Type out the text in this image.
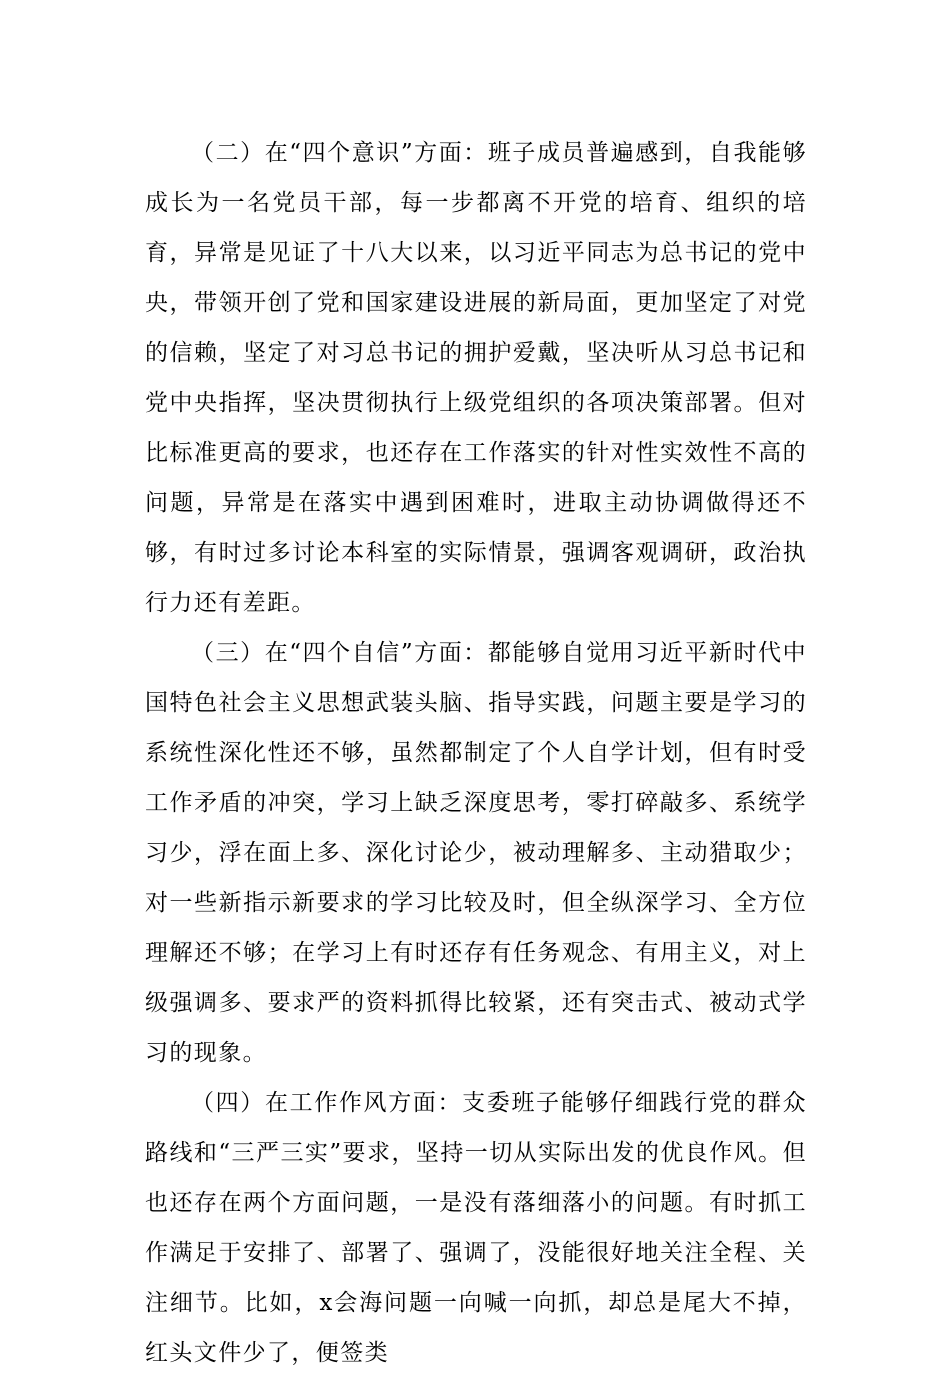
（二）在“四个意识”方面：班子成员普遍感到，自我能够成长为一名党员干部，每一步都离不开党的培育、组织的培育，异常是见证了十八大以来，以习近平同志为总书记的党中央，带领开创了党和国家建设进展的新局面，更加坚定了对党的信赖，坚定了对习总书记的拥护爱戴，坚决听从习总书记和党中央指挥，坚决贯彻执行上级党组织的各项决策部署。但对比标准更高的要求，也还存在工作落实的针对性实效性不高的问题，异常是在落实中遇到困难时，进取主动协调做得还不够，有时过多讨论本科室的实际情景，强调客观调研，政治执行力还有差距。

（三）在“四个自信”方面：都能够自觉用习近平新时代中国特色社会主义思想武装头脑、指导实践，问题主要是学习的系统性深化性还不够，虽然都制定了个人自学计划，但有时受工作矛盾的冲突，学习上缺乏深度思考，零打碎敲多、系统学习少，浮在面上多、深化讨论少，被动理解多、主动猎取少；对一些新指示新要求的学习比较及时，但全纵深学习、全方位理解还不够；在学习上有时还存有任务观念、有用主义，对上级强调多、要求严的资料抓得比较紧，还有突击式、被动式学习的现象。

（四）在工作作风方面：支委班子能够仔细践行党的群众路线和“三严三实”要求，坚持一切从实际出发的优良作风。但也还存在两个方面问题，一是没有落细落小的问题。有时抓工作满足于安排了、部署了、强调了，没能很好地关注全程、关注细节。比如，x会海问题一向喊一向抓，却总是尾大不掉，红头文件少了，便签类
